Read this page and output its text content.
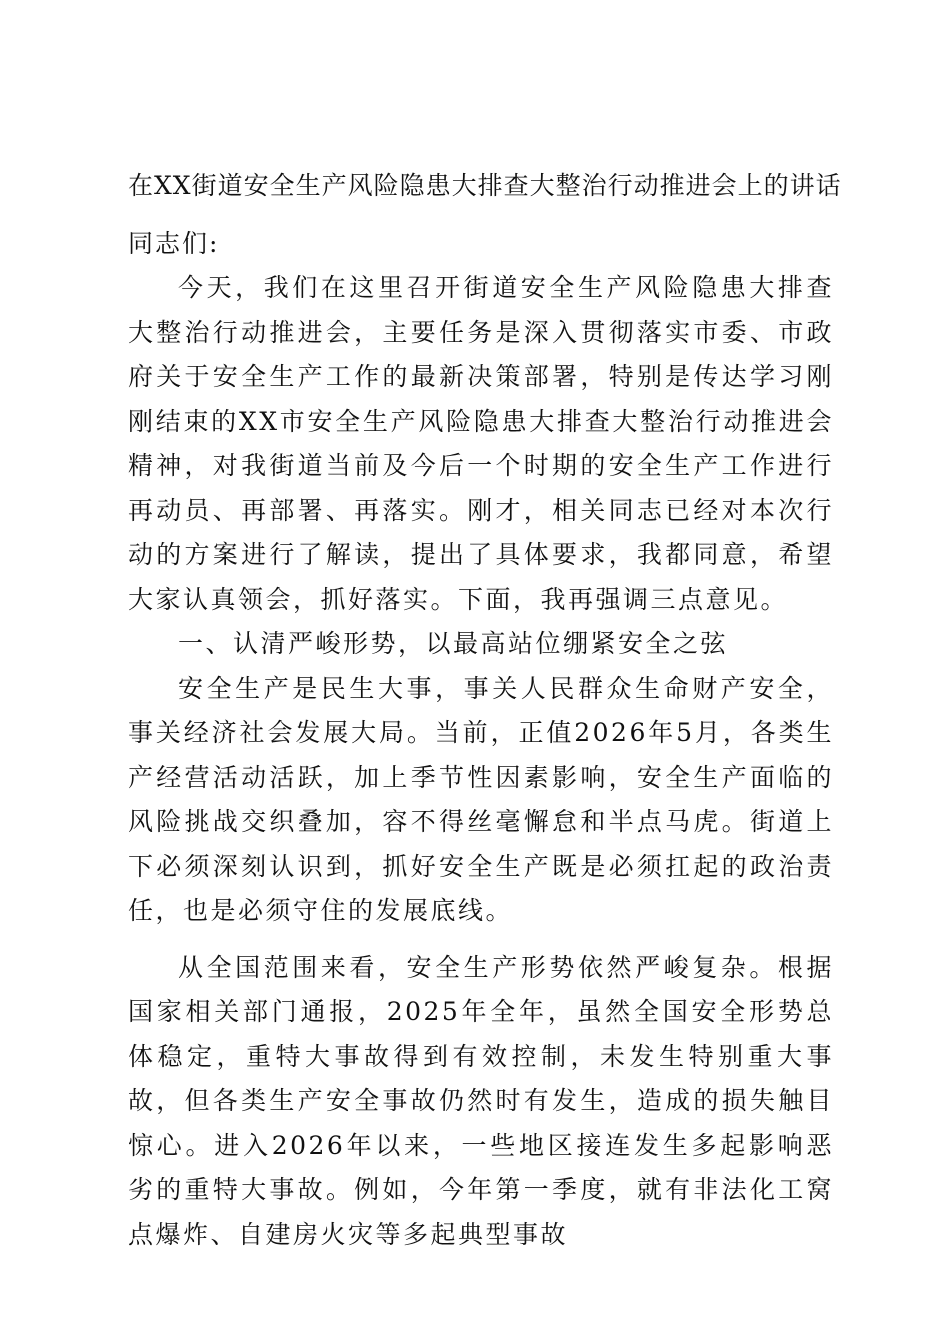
在XX街道安全生产风险隐患大排查大整治行动推进会上的讲话
同志们:

今天，我们在这里召开街道安全生产风险隐患大排查大整治行动推进会，主要任务是深入贯彻落实市委、市政府关于安全生产工作的最新决策部署，特别是传达学习刚刚结束的XX市安全生产风险隐患大排查大整治行动推进会精神，对我街道当前及今后一个时期的安全生产工作进行再动员、再部署、再落实。刚才，相关同志已经对本次行动的方案进行了解读，提出了具体要求，我都同意，希望大家认真领会，抓好落实。下面，我再强调三点意见。

一、认清严峻形势，以最高站位绷紧安全之弦

安全生产是民生大事，事关人民群众生命财产安全，事关经济社会发展大局。当前，正值2026年5月，各类生产经营活动活跃，加上季节性因素影响，安全生产面临的风险挑战交织叠加，容不得丝毫懈怠和半点马虎。街道上下必须深刻认识到，抓好安全生产既是必须扛起的政治责任，也是必须守住的发展底线。

从全国范围来看，安全生产形势依然严峻复杂。根据国家相关部门通报，2025年全年，虽然全国安全形势总体稳定，重特大事故得到有效控制，未发生特别重大事故，但各类生产安全事故仍然时有发生，造成的损失触目惊心。进入2026年以来，一些地区接连发生多起影响恶劣的重特大事故。例如，今年第一季度，就有非法化工窝点爆炸、自建房火灾等多起典型事故
